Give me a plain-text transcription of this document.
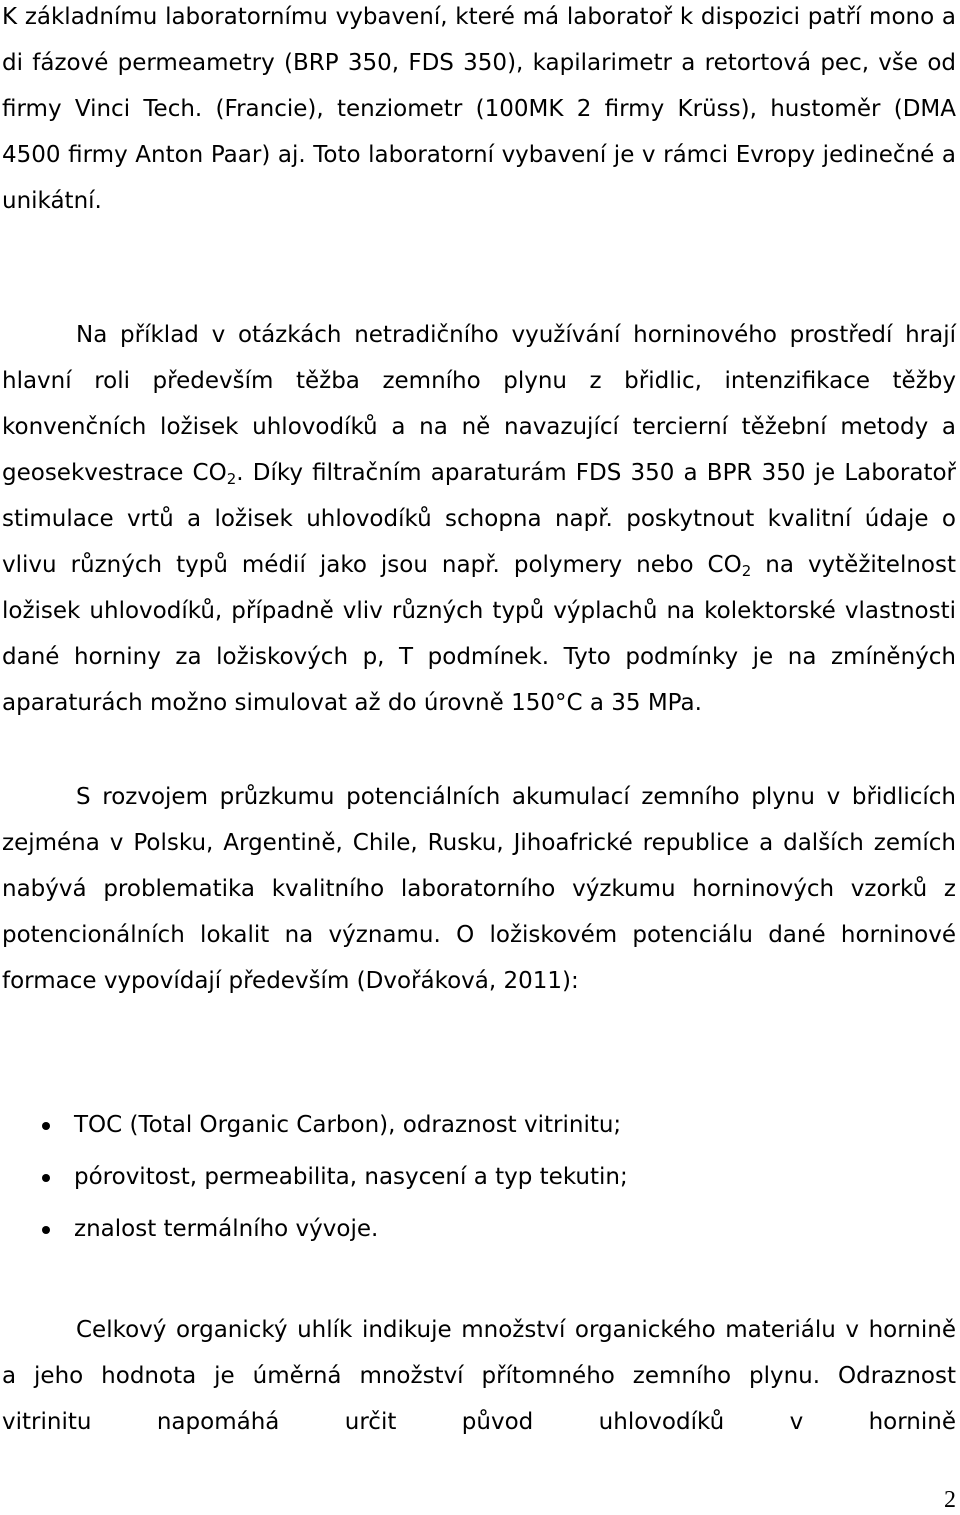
K základnímu laboratornímu vybavení, které má laboratoř k dispozici patří mono a di fázové permeametry (BRP 350, FDS 350), kapilarimetr a retortová pec, vše od firmy Vinci Tech. (Francie), tenziometr (100MK 2 firmy Krüss), hustoměr (DMA 4500 firmy Anton Paar) aj. Toto laboratorní vybavení je v rámci Evropy jedinečné a unikátní.

Na příklad v otázkách netradičního využívání horninového prostředí hrají hlavní roli především těžba zemního plynu z břidlic, intenzifikace těžby konvenčních ložisek uhlovodíků a na ně navazující tercierní těžební metody a geosekvestrace $CO_2$. Díky filtračním aparaturám FDS 350 a BPR 350 je Laboratoř stimulace vrtů a ložisek uhlovodíků schopna např. poskytnout kvalitní údaje o vlivu různých typů médií jako jsou např. polymery nebo $CO_2$ na vytěžitelnost ložisek uhlovodíků, případně vliv různých typů výplachů na kolektorské vlastnosti dané horniny za ložiskových p, T podmínek. Tyto podmínky je na zmíněných aparaturách možno simulovat až do úrovně 150°C a 35 MPa.

S rozvojem průzkumu potenciálních akumulací zemního plynu v břidlicích zejména v Polsku, Argentině, Chile, Rusku, Jihoafrické republice a dalších zemích nabývá problematika kvalitního laboratorního výzkumu horninových vzorků z potencionálních lokalit na významu. O ložiskovém potenciálu dané horninové formace vypovídají především (Dvořáková, 2011):

TOC (Total Organic Carbon), odraznost vitrinitu;
pórovitost, permeabilita, nasycení a typ tekutin;
znalost termálního vývoje.

Celkový organický uhlík indikuje množství organického materiálu v hornině a jeho hodnota je úměrná množství přítomného zemního plynu. Odraznost vitrinitu napomáhá určit původ uhlovodíků v hornině

2
